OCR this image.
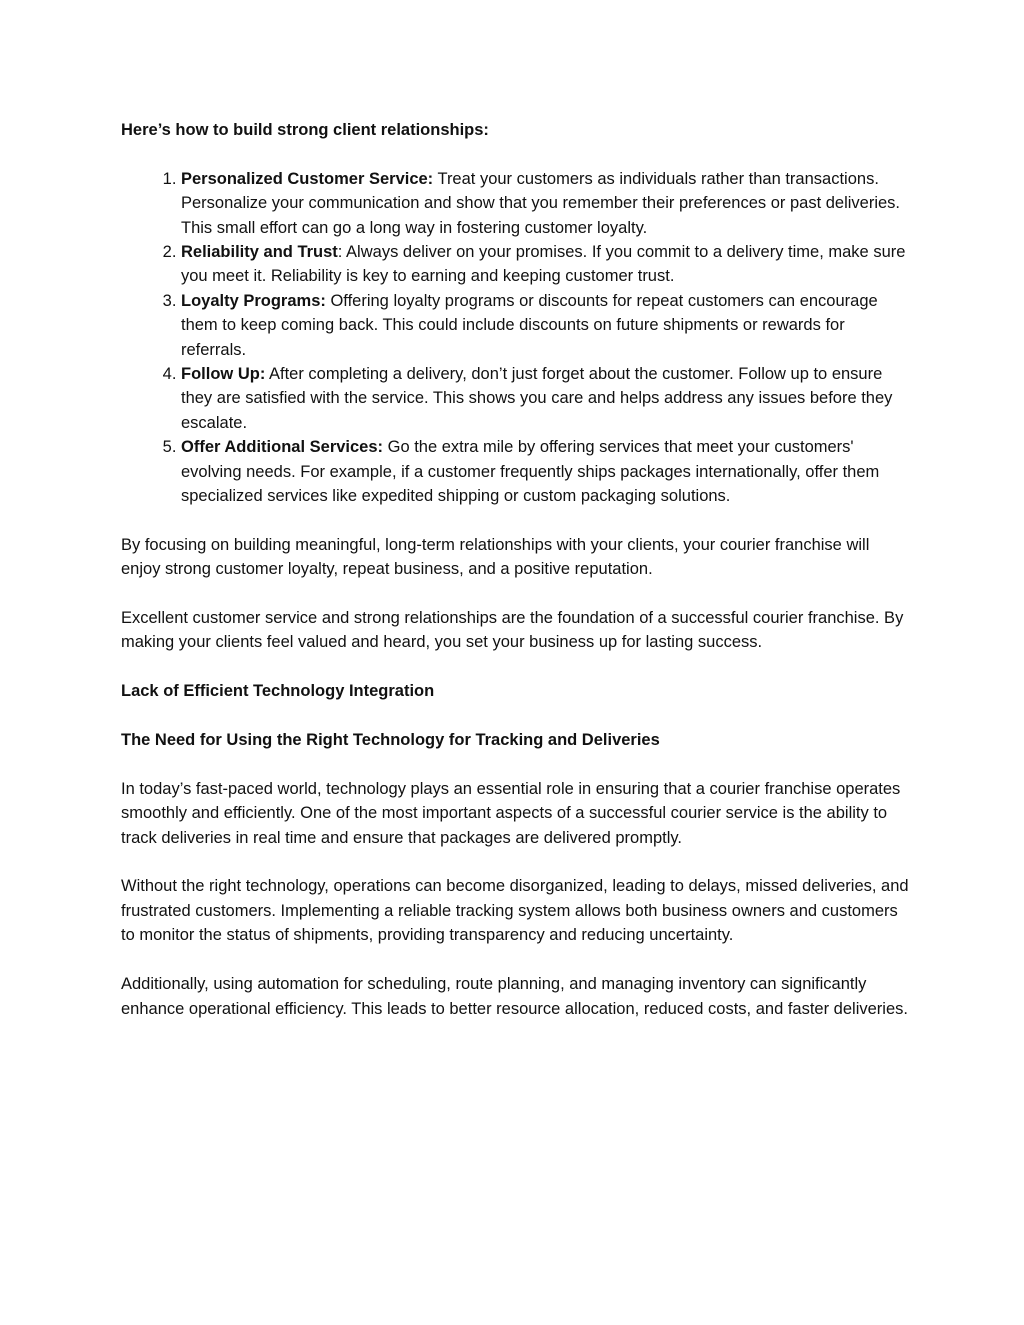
Here’s how to build strong client relationships:

1. Personalized Customer Service: Treat your customers as individuals rather than transactions. Personalize your communication and show that you remember their preferences or past deliveries. This small effort can go a long way in fostering customer loyalty.
2. Reliability and Trust: Always deliver on your promises. If you commit to a delivery time, make sure you meet it. Reliability is key to earning and keeping customer trust.
3. Loyalty Programs: Offering loyalty programs or discounts for repeat customers can encourage them to keep coming back. This could include discounts on future shipments or rewards for referrals.
4. Follow Up: After completing a delivery, don’t just forget about the customer. Follow up to ensure they are satisfied with the service. This shows you care and helps address any issues before they escalate.
5. Offer Additional Services: Go the extra mile by offering services that meet your customers' evolving needs. For example, if a customer frequently ships packages internationally, offer them specialized services like expedited shipping or custom packaging solutions.

By focusing on building meaningful, long-term relationships with your clients, your courier franchise will enjoy strong customer loyalty, repeat business, and a positive reputation.

Excellent customer service and strong relationships are the foundation of a successful courier franchise. By making your clients feel valued and heard, you set your business up for lasting success.

Lack of Efficient Technology Integration

The Need for Using the Right Technology for Tracking and Deliveries

In today’s fast-paced world, technology plays an essential role in ensuring that a courier franchise operates smoothly and efficiently. One of the most important aspects of a successful courier service is the ability to track deliveries in real time and ensure that packages are delivered promptly.

Without the right technology, operations can become disorganized, leading to delays, missed deliveries, and frustrated customers. Implementing a reliable tracking system allows both business owners and customers to monitor the status of shipments, providing transparency and reducing uncertainty.

Additionally, using automation for scheduling, route planning, and managing inventory can significantly enhance operational efficiency. This leads to better resource allocation, reduced costs, and faster deliveries.
